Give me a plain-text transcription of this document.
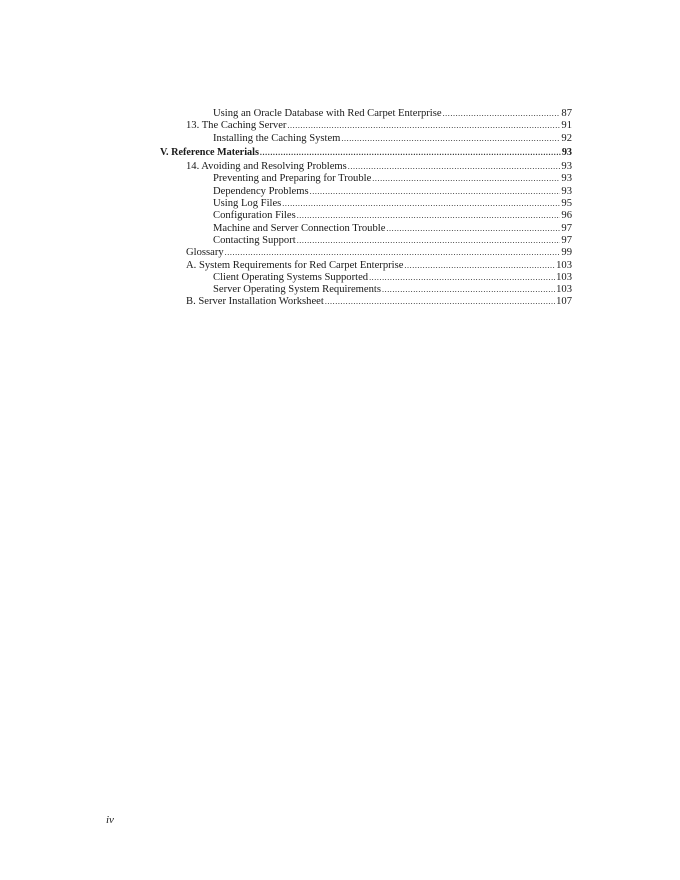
Using an Oracle Database with Red Carpet Enterprise .....	87
13. The Caching Server .....	91
Installing the Caching System .....	92
V. Reference Materials .....	93
14. Avoiding and Resolving Problems .....	93
Preventing and Preparing for Trouble .....	93
Dependency Problems .....	93
Using Log Files .....	95
Configuration Files .....	96
Machine and Server Connection Trouble .....	97
Contacting Support .....	97
Glossary .....	99
A. System Requirements for Red Carpet Enterprise .....	103
Client Operating Systems Supported .....	103
Server Operating System Requirements .....	103
B. Server Installation Worksheet .....	107
iv
